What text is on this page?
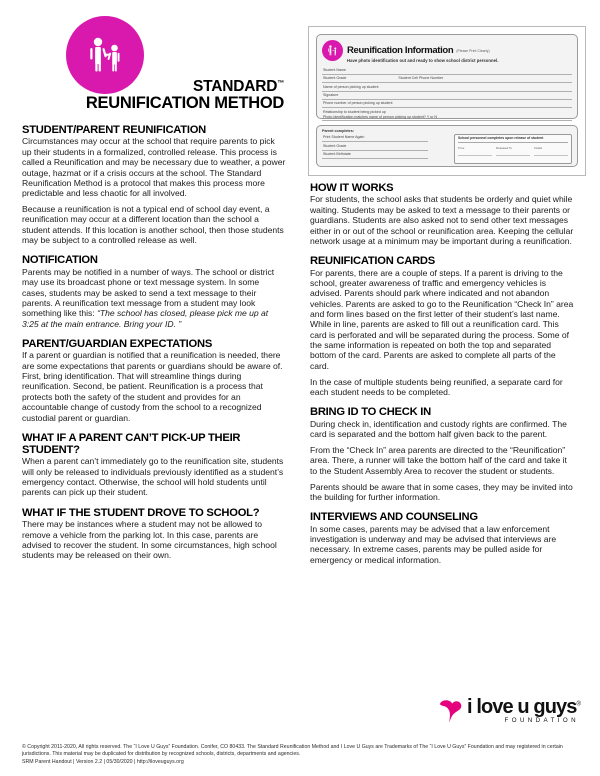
STANDARD™
REUNIFICATION METHOD
Reunification Information (Please Print Clearly)
Have photo identification out and ready to show school district personnel.
Student Name
Student Grade	Student Cell Phone Number
Name of person picking up student
Signature
Phone number of person picking up student
Relationship to student being picked up
Photo identification matches name of person picking up student? Y or N
Parent completes:
Print Student Name Again
Student Grade
Student Birthdate
School personnel completes upon release of student
Time	Released To	Initials
STUDENT/PARENT REUNIFICATION

Circumstances may occur at the school that require parents to pick up their students in a formalized, controlled release. This process is called a Reunification and may be necessary due to weather, a power outage, hazmat or if a crisis occurs at the school. The Standard Reunification Method is a protocol that makes this process more predictable and less chaotic for all involved.

Because a reunification is not a typical end of school day event, a reunification may occur at a different location than the school a student attends. If this location is another school, then those students may be subject to a controlled release as well.

NOTIFICATION

Parents may be notified in a number of ways. The school or district may use its broadcast phone or text message system. In some cases, students may be asked to send a text message to their parents. A reunification text message from a student may look something like this: “The school has closed, please pick me up at 3:25 at the main entrance. Bring your ID. ”

PARENT/GUARDIAN EXPECTATIONS

If a parent or guardian is notified that a reunification is needed, there are some expectations that parents or guardians should be aware of. First, bring identification. That will streamline things during reunification. Second, be patient. Reunification is a process that protects both the safety of the student and provides for an accountable change of custody from the school to a recognized custodial parent or guardian.

WHAT IF A PARENT CAN’T PICK-UP THEIR STUDENT?

When a parent can’t immediately go to the reunification site, students will only be released to individuals previously identified as a student’s emergency contact. Otherwise, the school will hold students until parents can pick up their student.

WHAT IF THE STUDENT DROVE TO SCHOOL?

There may be instances where a student may not be allowed to remove a vehicle from the parking lot. In this case, parents are advised to recover the student. In some circumstances, high school students may be released on their own.

HOW IT WORKS

For students, the school asks that students be orderly and quiet while waiting. Students may be asked to text a message to their parents or guardians. Students are also asked not to send other text messages either in or out of the school or reunification area. Keeping the cellular network usage at a minimum may be important during a reunification.

REUNIFICATION CARDS

For parents, there are a couple of steps. If a parent is driving to the school, greater awareness of traffic and emergency vehicles is advised. Parents should park where indicated and not abandon vehicles. Parents are asked to go to the Reunification “Check In” area and form lines based on the first letter of their student’s last name. While in line, parents are asked to fill out a reunification card. This card is perforated and will be separated during the process. Some of the same information is repeated on both the top and separated bottom of the card. Parents are asked to complete all parts of the card.

In the case of multiple students being reunified, a separate card for each student needs to be completed.

BRING ID TO CHECK IN

During check in, identification and custody rights are confirmed. The card is separated and the bottom half given back to the parent.

From the “Check In” area parents are directed to the “Reunification” area. There, a runner will take the bottom half of the card and take it to the Student Assembly Area to recover the student or students.

Parents should be aware that in some cases, they may be invited into the building for further information.

INTERVIEWS AND COUNSELING

In some cases, parents may be advised that a law enforcement investigation is underway and may be advised that interviews are necessary. In extreme cases, parents may be pulled aside for emergency or medical information.

i love u guys®
FOUNDATION
© Copyright 2011-2020, All rights reserved. The “I Love U Guys” Foundation. Conifer, CO 80433. The Standard Reunification Method and I Love U Guys are Trademarks of The “I Love U Guys” Foundation and may registered in certain jurisdictions. This material may be duplicated for distribution by recognized schools, districts, departments and agencies.
SRM Parent Handout | Version 2.2 | 05/30/2020 | http://iloveuguys.org
